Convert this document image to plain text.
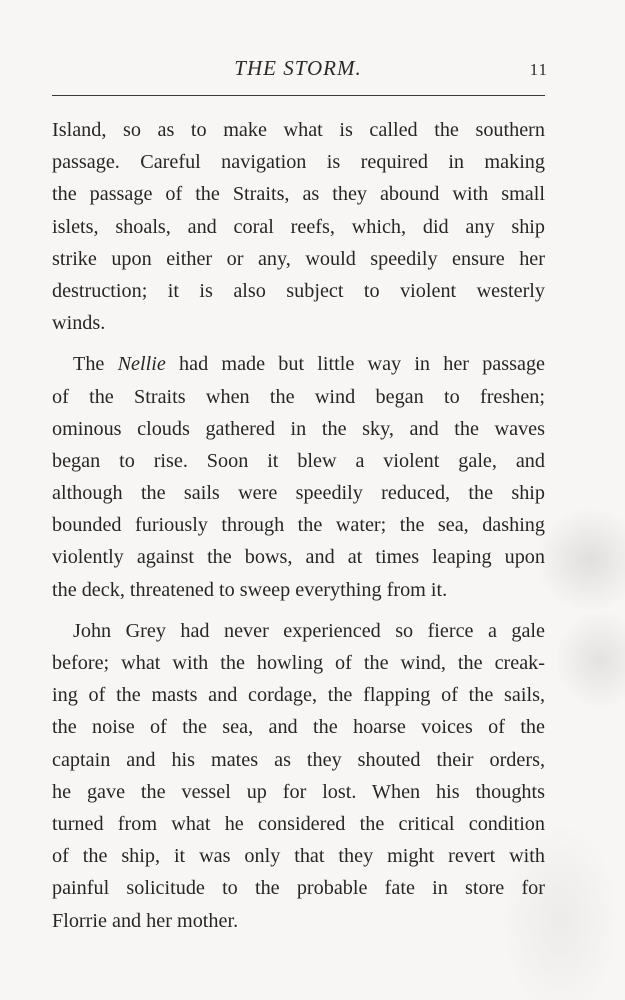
THE STORM.	11
Island, so as to make what is called the southern
passage. Careful navigation is required in making
the passage of the Straits, as they abound with small
islets, shoals, and coral reefs, which, did any ship
strike upon either or any, would speedily ensure her
destruction; it is also subject to violent westerly
winds.
The Nellie had made but little way in her passage
of the Straits when the wind began to freshen;
ominous clouds gathered in the sky, and the waves
began to rise. Soon it blew a violent gale, and
although the sails were speedily reduced, the ship
bounded furiously through the water; the sea, dashing
violently against the bows, and at times leaping upon
the deck, threatened to sweep everything from it.
John Grey had never experienced so fierce a gale
before; what with the howling of the wind, the creak-
ing of the masts and cordage, the flapping of the sails,
the noise of the sea, and the hoarse voices of the
captain and his mates as they shouted their orders,
he gave the vessel up for lost. When his thoughts
turned from what he considered the critical condition
of the ship, it was only that they might revert with
painful solicitude to the probable fate in store for
Florrie and her mother.
